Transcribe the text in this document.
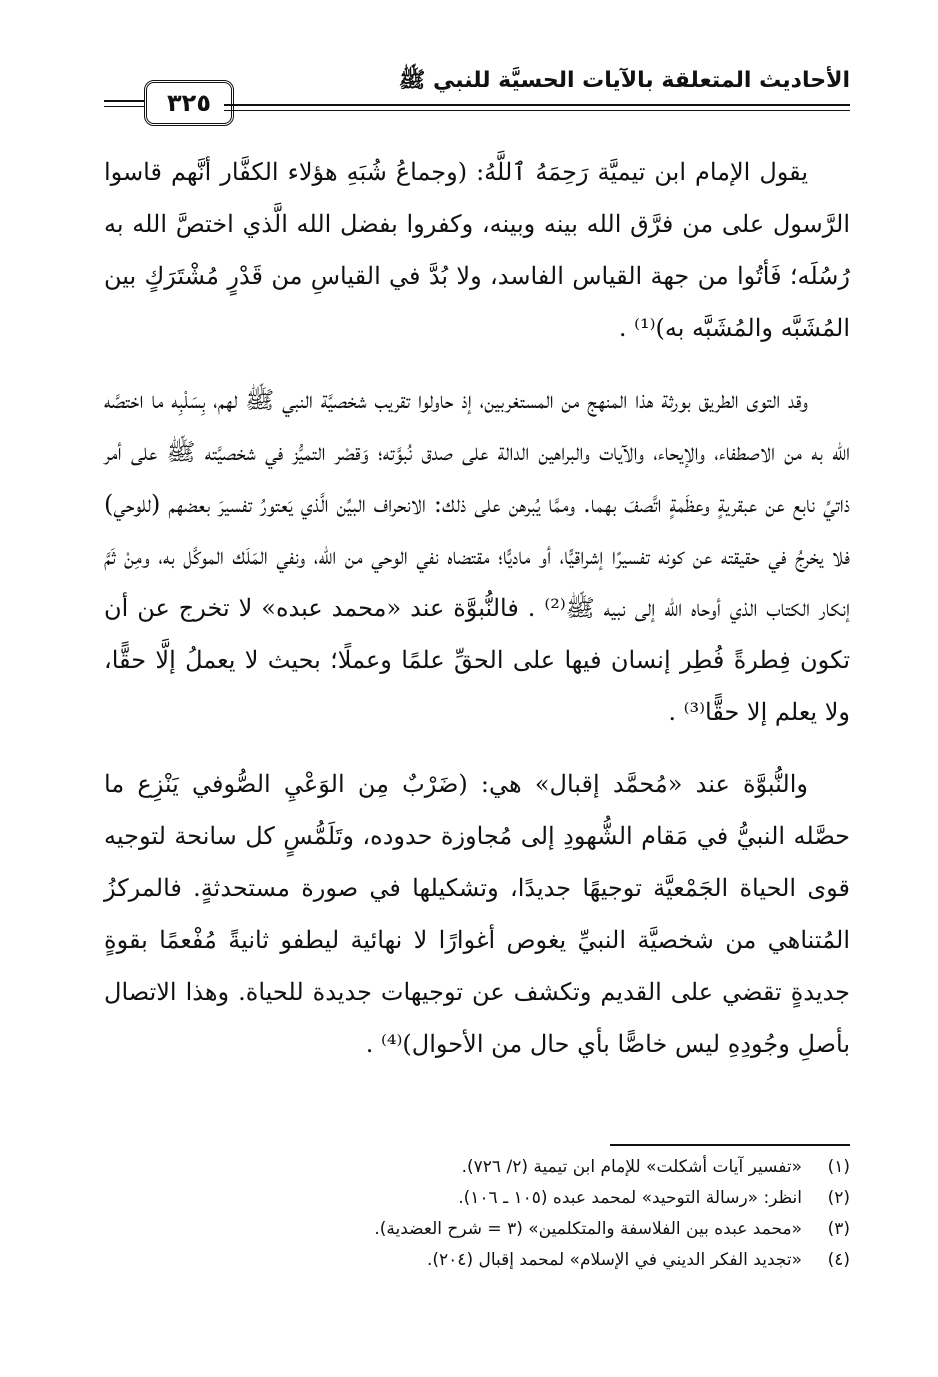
الأحاديث المتعلقة بالآيات الحسيَّة للنبي ﷺ
٣٢٥

يقول الإمام ابن تيميَّة رَحِمَهُ ٱللَّهُ: (وجماعُ شُبَهِ هؤلاء الكفَّار أنَّهم قاسوا الرَّسول على من فرَّق الله بينه وبينه، وكفروا بفضل الله الَّذي اختصَّ الله به رُسُلَه؛ فَأتُوا من جهة القياس الفاسد، ولا بُدَّ في القياسِ من قَدْرٍ مُشْتَرَكٍ بين المُشَبَّه والمُشَبَّه به)⁽¹⁾ .

وقد التوى الطريق بورثة هذا المنهج من المستغربين، إذ حاولوا تقريب شخصيَّة النبي ﷺ لهم، بِسَلْبِه ما اختصَّه الله به من الاصطفاء، والإيحاء، والآيات والبراهين الدالة على صدق نُبوَّته؛ وَقصْر التميُّز في شخصيَّته ﷺ على أمر ذاتيِّ نابع عن عبقريةٍ وعظَمةٍ اتَّصفَ بهما. وممَّا يُبرهن على ذلك: الانحراف البيِّن الَّذي يَعتورُ تفسيرَ بعضهم (للوحي) فلا يخرجُ في حقيقته عن كونه تفسيرًا إشراقيًّا، أو ماديًّا؛ مقتضاه نفي الوحي من الله، ونفي المَلَك الموكَّل به، ومِنْ ثَمَّ إنكار الكتاب الذي أوحاه الله إلى نبيه ﷺ⁽²⁾ . فالنُّبوَّة عند «محمد عبده» لا تخرج عن أن تكون فِطرةً فُطِر إنسان فيها على الحقِّ علمًا وعملًا؛ بحيث لا يعملُ إلَّا حقًّا، ولا يعلم إلا حقًّا⁽³⁾ .

والنُّبوَّة عند «مُحمَّد إقبال» هي: (ضَرْبٌ مِن الوَعْيِ الصُّوفي يَنْزِع ما حصَّله النبيُّ في مَقام الشُّهودِ إلى مُجاوزة حدوده، وتَلَمُّسٍ كل سانحة لتوجيه قوى الحياة الجَمْعيَّة توجيهًا جديدًا، وتشكيلها في صورة مستحدثةٍ. فالمركزُ المُتناهي من شخصيَّة النبيِّ يغوص أغوارًا لا نهائية ليطفو ثانيةً مُفْعمًا بقوةٍ جديدةٍ تقضي على القديم وتكشف عن توجيهات جديدة للحياة. وهذا الاتصال بأصلِ وجُودِهِ ليس خاصًّا بأي حال من الأحوال)⁽⁴⁾ .

(١)«تفسير آيات أشكلت» للإمام ابن تيمية (٢/ ٧٢٦).
(٢)انظر: «رسالة التوحيد» لمحمد عبده (١٠٥ ـ ١٠٦).
(٣)«محمد عبده بين الفلاسفة والمتكلمين» (٣ = شرح العضدية).
(٤)«تجديد الفكر الديني في الإسلام» لمحمد إقبال (٢٠٤).
